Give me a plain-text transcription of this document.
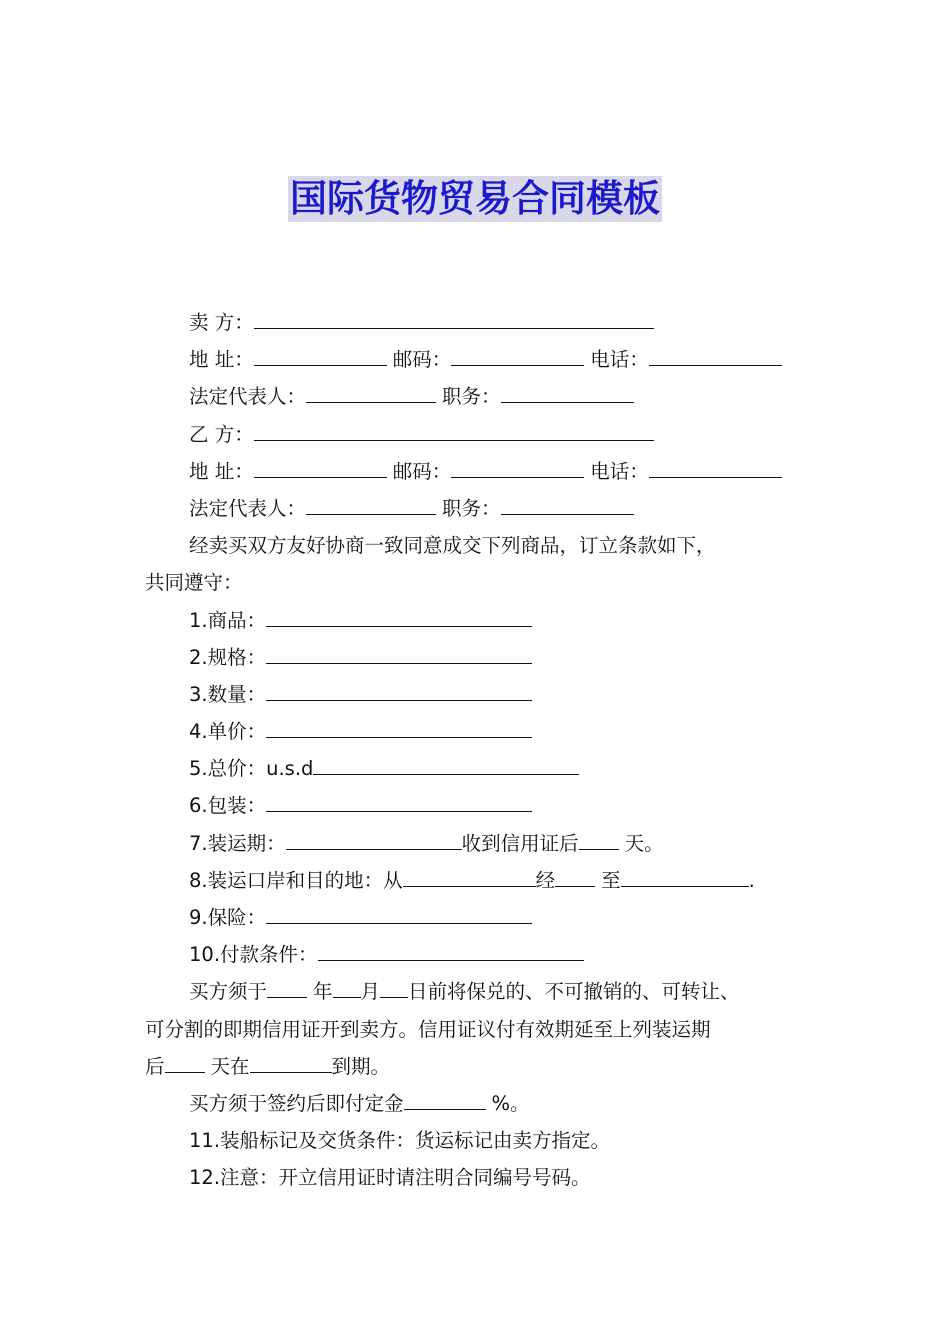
国际货物贸易合同模板
卖 方：
地 址：	邮码：	电话：
法定代表人：	职务：
乙 方：
地 址：	邮码：	电话：
法定代表人：	职务：
经卖买双方友好协商一致同意成交下列商品，订立条款如下，
共同遵守：
1.商品：
2.规格：
3.数量：
4.单价：
5.总价：u.s.d
6.包装：
7.装运期：	收到信用证后 天。
8.装运口岸和目的地：从	经 至	.
9.保险：
10.付款条件：
买方须于 年 月 日前将保兑的、不可撤销的、可转让、
可分割的即期信用证开到卖方。信用证议付有效期延至上列装运期
后 天在	到期。
买方须于签约后即付定金	%。
11.装船标记及交货条件：货运标记由卖方指定。
12.注意：开立信用证时请注明合同编号号码。
